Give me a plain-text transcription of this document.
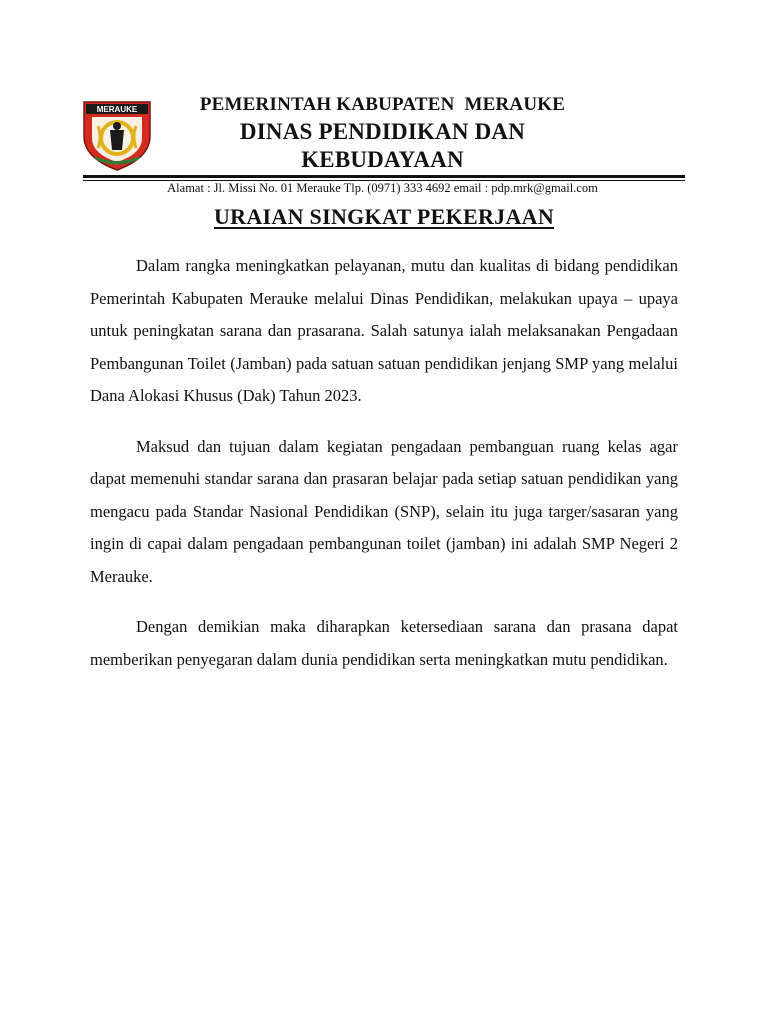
MERAUKE	PEMERINTAH KABUPATEN  MERAUKE
DINAS PENDIDIKAN DAN KEBUDAYAAN
Alamat : Jl. Missi No. 01 Merauke Tlp. (0971) 333 4692 email : pdp.mrk@gmail.com
URAIAN SINGKAT PEKERJAAN

Dalam rangka meningkatkan pelayanan, mutu dan kualitas di bidang pendidikan Pemerintah Kabupaten Merauke melalui Dinas Pendidikan, melakukan upaya – upaya untuk peningkatan sarana dan prasarana. Salah satunya ialah melaksanakan Pengadaan Pembangunan Toilet (Jamban) pada satuan satuan pendidikan jenjang SMP yang melalui Dana Alokasi Khusus (Dak) Tahun 2023.

Maksud dan tujuan dalam kegiatan pengadaan pembanguan ruang kelas agar dapat memenuhi standar sarana dan prasaran belajar pada setiap satuan pendidikan yang mengacu pada Standar Nasional Pendidikan (SNP), selain itu juga targer/sasaran yang ingin di capai dalam pengadaan pembangunan toilet (jamban) ini adalah SMP Negeri 2 Merauke.

Dengan demikian maka diharapkan ketersediaan sarana dan prasana dapat memberikan penyegaran dalam dunia pendidikan serta meningkatkan mutu pendidikan.
